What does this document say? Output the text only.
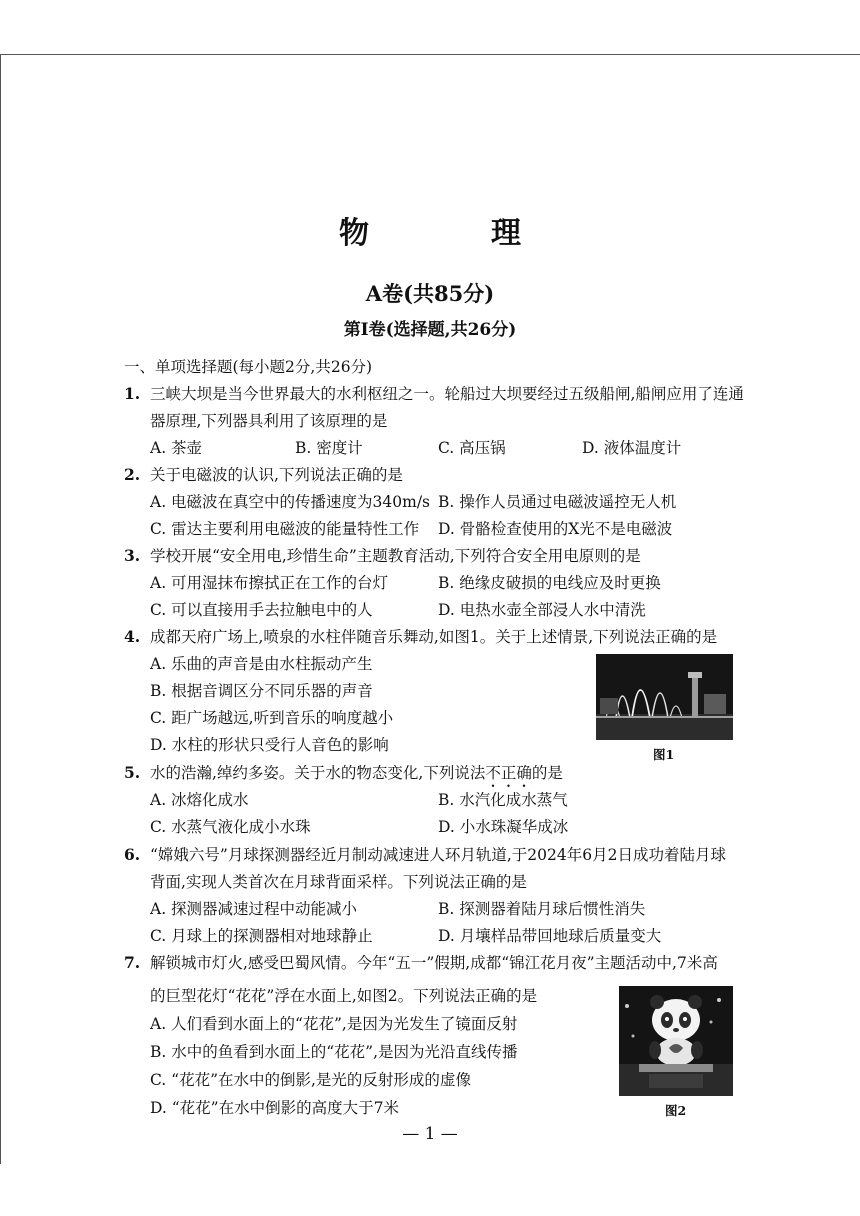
物　理
A卷(共85分)
第Ⅰ卷(选择题,共26分)
一、单项选择题(每小题2分,共26分)
1. 三峡大坝是当今世界最大的水利枢纽之一。轮船过大坝要经过五级船闸,船闸应用了连通
器原理,下列器具利用了该原理的是
A. 茶壶	B. 密度计	C. 高压锅	D. 液体温度计
2. 关于电磁波的认识,下列说法正确的是
A. 电磁波在真空中的传播速度为340m/s B. 操作人员通过电磁波遥控无人机
C. 雷达主要利用电磁波的能量特性工作 D. 骨骼检查使用的X光不是电磁波
3. 学校开展“安全用电,珍惜生命”主题教育活动,下列符合安全用电原则的是
A. 可用湿抹布擦拭正在工作的台灯	B. 绝缘皮破损的电线应及时更换
C. 可以直接用手去拉触电中的人	D. 电热水壶全部浸人水中清洗
4. 成都天府广场上,喷泉的水柱伴随音乐舞动,如图1。关于上述情景,下列说法正确的是
A. 乐曲的声音是由水柱振动产生
B. 根据音调区分不同乐器的声音
C. 距广场越远,听到音乐的响度越小
D. 水柱的形状只受行人音色的影响
图1
5. 水的浩瀚,绰约多姿。关于水的物态变化,下列说法不正确的是
A. 冰熔化成水	B. 水汽化成水蒸气
C. 水蒸气液化成小水珠	D. 小水珠凝华成冰
6. “嫦娥六号”月球探测器经近月制动减速进人环月轨道,于2024年6月2日成功着陆月球
背面,实现人类首次在月球背面采样。下列说法正确的是
A. 探测器减速过程中动能减小	B. 探测器着陆月球后惯性消失
C. 月球上的探测器相对地球静止	D. 月壤样品带回地球后质量变大
7. 解锁城市灯火,感受巴蜀风情。今年“五一”假期,成都“锦江花月夜”主题活动中,7米高
的巨型花灯“花花”浮在水面上,如图2。下列说法正确的是
A. 人们看到水面上的“花花”,是因为光发生了镜面反射
B. 水中的鱼看到水面上的“花花”,是因为光沿直线传播
C. “花花”在水中的倒影,是光的反射形成的虚像
D. “花花”在水中倒影的高度大于7米	图2
— 1 —
